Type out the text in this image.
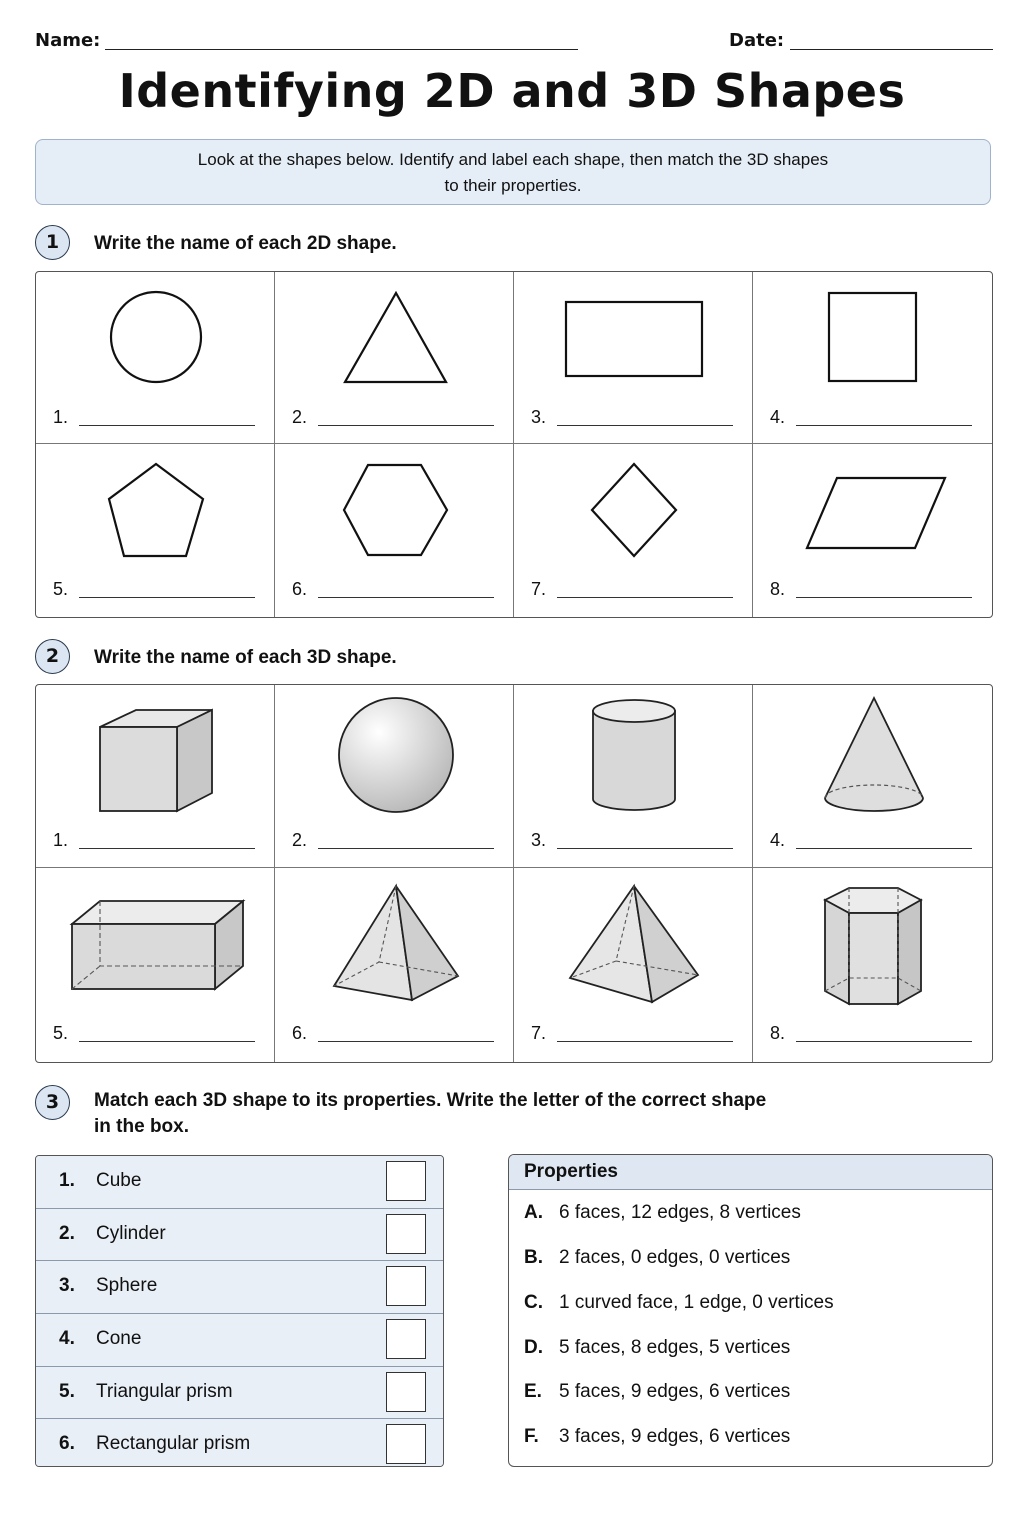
Name:	Date:
Identifying 2D and 3D Shapes
Look at the shapes below. Identify and label each shape, then match the 3D shapes
to their properties.
1	Write the name of each 2D shape.
1.	2.	3.	4.
5.	6.	7.	8.
2	Write the name of each 3D shape.
1.	2.	3.	4.
5.	6.	7.	8.
3	Match each 3D shape to its properties. Write the letter of the correct shape
in the box.
1. Cube
2. Cylinder
3. Sphere
4. Cone
5. Triangular prism
6. Rectangular prism
Properties
A. 6 faces, 12 edges, 8 vertices
B. 2 faces, 0 edges, 0 vertices
C. 1 curved face, 1 edge, 0 vertices
D. 5 faces, 8 edges, 5 vertices
E. 5 faces, 9 edges, 6 vertices
F. 3 faces, 9 edges, 6 vertices
